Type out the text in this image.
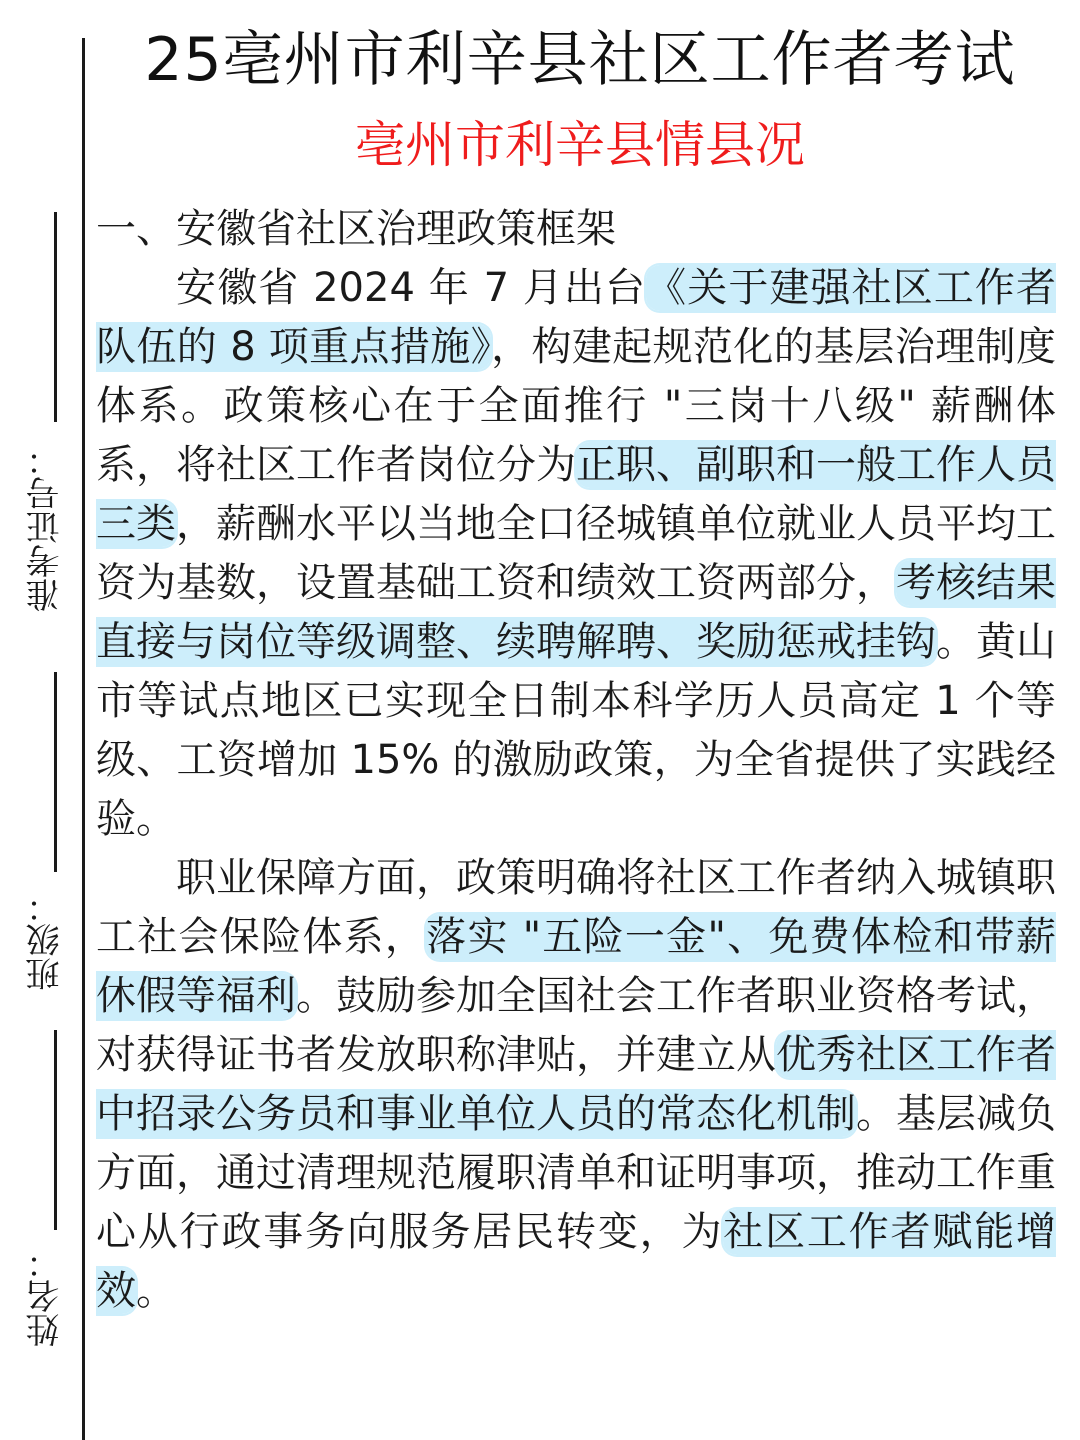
准考证号：
班级：
姓名：
25亳州市利辛县社区工作者考试
亳州市利辛县情县况

一、安徽省社区治理政策框架

安徽省 2024 年 7 月出台《关于建强社区工作者队伍的 8 项重点措施》，构建起规范化的基层治理制度体系。政策核心在于全面推行 "三岗十八级" 薪酬体系，将社区工作者岗位分为正职、副职和一般工作人员三类，薪酬水平以当地全口径城镇单位就业人员平均工资为基数，设置基础工资和绩效工资两部分，考核结果直接与岗位等级调整、续聘解聘、奖励惩戒挂钩。黄山市等试点地区已实现全日制本科学历人员高定 1 个等级、工资增加 15% 的激励政策，为全省提供了实践经验。

职业保障方面，政策明确将社区工作者纳入城镇职工社会保险体系，落实 "五险一金"、免费体检和带薪休假等福利。鼓励参加全国社会工作者职业资格考试，对获得证书者发放职称津贴，并建立从优秀社区工作者中招录公务员和事业单位人员的常态化机制。基层减负方面，通过清理规范履职清单和证明事项，推动工作重心从行政事务向服务居民转变，为社区工作者赋能增效。
